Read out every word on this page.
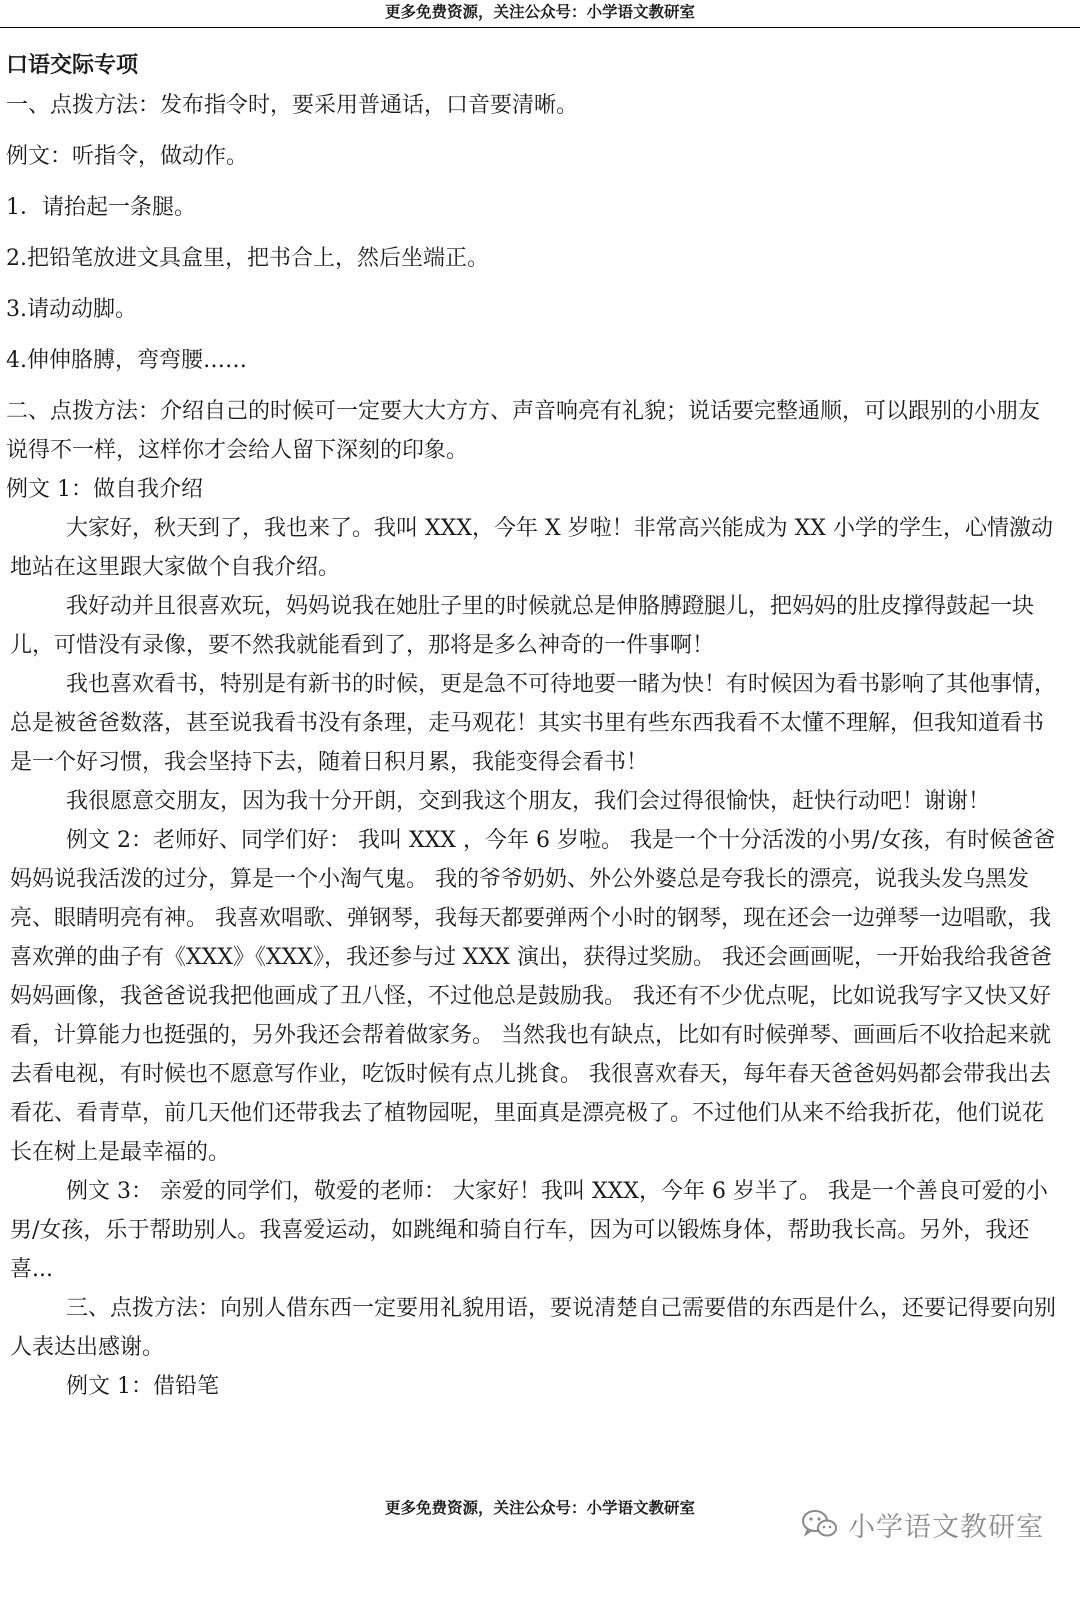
更多免费资源，关注公众号：小学语文教研室
口语交际专项

一、点拨方法：发布指令时，要采用普通话，口音要清晰。

例文：听指令，做动作。

1．请抬起一条腿。

2.把铅笔放进文具盒里，把书合上，然后坐端正。

3.请动动脚。

4.伸伸胳膊，弯弯腰……

二、点拨方法：介绍自己的时候可一定要大大方方、声音响亮有礼貌；说话要完整通顺，可以跟别的小朋友说得不一样，这样你才会给人留下深刻的印象。

例文 1：做自我介绍

大家好，秋天到了，我也来了。我叫 XXX，今年 X 岁啦！非常高兴能成为 XX 小学的学生，心情激动地站在这里跟大家做个自我介绍。

我好动并且很喜欢玩，妈妈说我在她肚子里的时候就总是伸胳膊蹬腿儿，把妈妈的肚皮撑得鼓起一块儿，可惜没有录像，要不然我就能看到了，那将是多么神奇的一件事啊！

我也喜欢看书，特别是有新书的时候，更是急不可待地要一睹为快！有时候因为看书影响了其他事情，总是被爸爸数落，甚至说我看书没有条理，走马观花！其实书里有些东西我看不太懂不理解，但我知道看书是一个好习惯，我会坚持下去，随着日积月累，我能变得会看书！

我很愿意交朋友，因为我十分开朗，交到我这个朋友，我们会过得很愉快，赶快行动吧！谢谢！

例文 2：老师好、同学们好： 我叫 XXX ，今年 6 岁啦。 我是一个十分活泼的小男/女孩，有时候爸爸妈妈说我活泼的过分，算是一个小淘气鬼。 我的爷爷奶奶、外公外婆总是夸我长的漂亮，说我头发乌黑发亮、眼睛明亮有神。 我喜欢唱歌、弹钢琴，我每天都要弹两个小时的钢琴，现在还会一边弹琴一边唱歌，我喜欢弹的曲子有《XXX》《XXX》，我还参与过 XXX 演出，获得过奖励。 我还会画画呢，一开始我给我爸爸妈妈画像，我爸爸说我把他画成了丑八怪，不过他总是鼓励我。 我还有不少优点呢，比如说我写字又快又好看，计算能力也挺强的，另外我还会帮着做家务。 当然我也有缺点，比如有时候弹琴、画画后不收拾起来就去看电视，有时候也不愿意写作业，吃饭时候有点儿挑食。 我很喜欢春天，每年春天爸爸妈妈都会带我出去看花、看青草，前几天他们还带我去了植物园呢，里面真是漂亮极了。不过他们从来不给我折花，他们说花长在树上是最幸福的。

例文 3： 亲爱的同学们，敬爱的老师： 大家好！我叫 XXX，今年 6 岁半了。 我是一个善良可爱的小男/女孩，乐于帮助别人。我喜爱运动，如跳绳和骑自行车，因为可以锻炼身体，帮助我长高。另外，我还喜...

三、点拨方法：向别人借东西一定要用礼貌用语，要说清楚自己需要借的东西是什么，还要记得要向别人表达出感谢。

例文 1：借铅笔

更多免费资源，关注公众号：小学语文教研室
小学语文教研室
